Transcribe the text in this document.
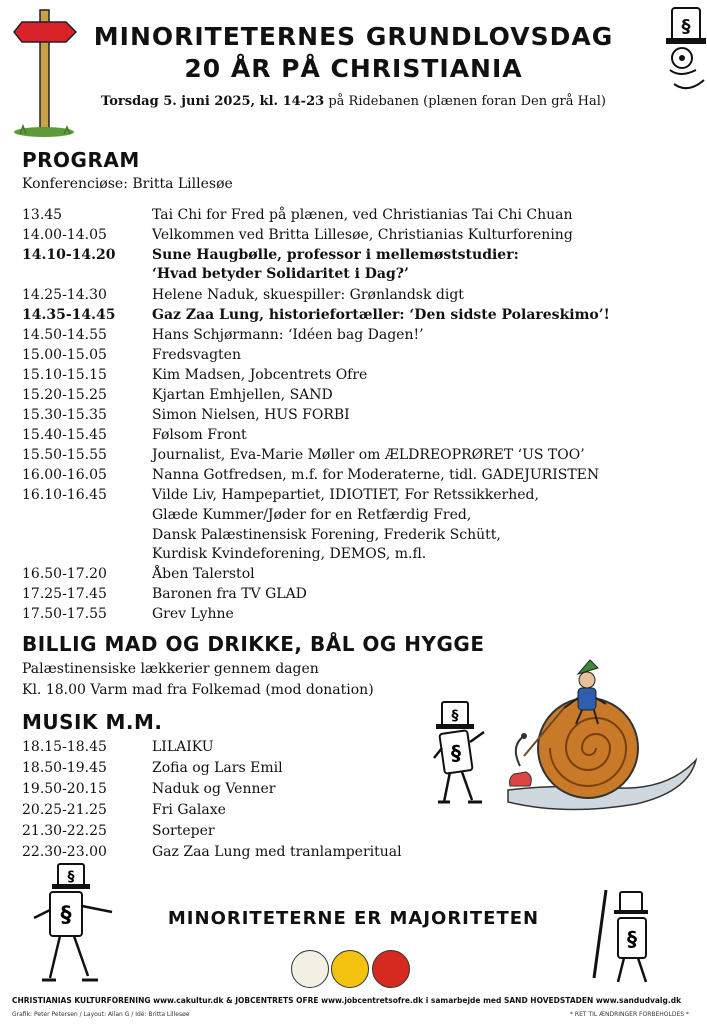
§
MINORITETERNES GRUNDLOVSDAG
20 ÅR PÅ CHRISTIANIA
Torsdag 5. juni 2025, kl. 14-23 på Ridebanen (plænen foran Den grå Hal)
PROGRAM
Konferenciøse: Britta Lillesøe
13.45	Tai Chi for Fred på plænen, ved Christianias Tai Chi Chuan
14.00-14.05	Velkommen ved Britta Lillesøe, Christianias Kulturforening
14.10-14.20	Sune Haugbølle, professor i mellemøststudier:
‘Hvad betyder Solidaritet i Dag?’
14.25-14.30	Helene Naduk, skuespiller: Grønlandsk digt
14.35-14.45	Gaz Zaa Lung, historiefortæller: ‘Den sidste Polareskimo’!
14.50-14.55	Hans Schjørmann: ‘Idéen bag Dagen!’
15.00-15.05	Fredsvagten
15.10-15.15	Kim Madsen, Jobcentrets Ofre
15.20-15.25	Kjartan Emhjellen, SAND
15.30-15.35	Simon Nielsen, HUS FORBI
15.40-15.45	Følsom Front
15.50-15.55	Journalist, Eva-Marie Møller om ÆLDREOPRØRET ‘US TOO’
16.00-16.05	Nanna Gotfredsen, m.f. for Moderaterne, tidl. GADEJURISTEN
16.10-16.45	Vilde Liv, Hampepartiet, IDIOTIET, For Retssikkerhed,
Glæde Kummer/Jøder for en Retfærdig Fred,
Dansk Palæstinensisk Forening, Frederik Schütt,
Kurdisk Kvindeforening, DEMOS, m.fl.
16.50-17.20	Åben Talerstol
17.25-17.45	Baronen fra TV GLAD
17.50-17.55	Grev Lyhne
BILLIG MAD OG DRIKKE, BÅL OG HYGGE
Palæstinensiske lækkerier gennem dagen
Kl. 18.00 Varm mad fra Folkemad (mod donation)
MUSIK M.M.
18.15-18.45	LILAIKU
18.50-19.45	Zofia og Lars Emil
19.50-20.15	Naduk og Venner
20.25-21.25	Fri Galaxe
21.30-22.25	Sorteper
22.30-23.00	Gaz Zaa Lung med tranlamperitual
§
§
§
§	MINORITETERNE ER MAJORITETEN
§
CHRISTIANIAS KULTURFORENING www.cakultur.dk & JOBCENTRETS OFRE www.jobcentretsofre.dk i samarbejde med SAND HOVEDSTADEN www.sandudvalg.dk
Grafik: Peter Petersen / Layout: Allan G / Idé: Britta Lillesøe	* RET TIL ÆNDRINGER FORBEHOLDES *
